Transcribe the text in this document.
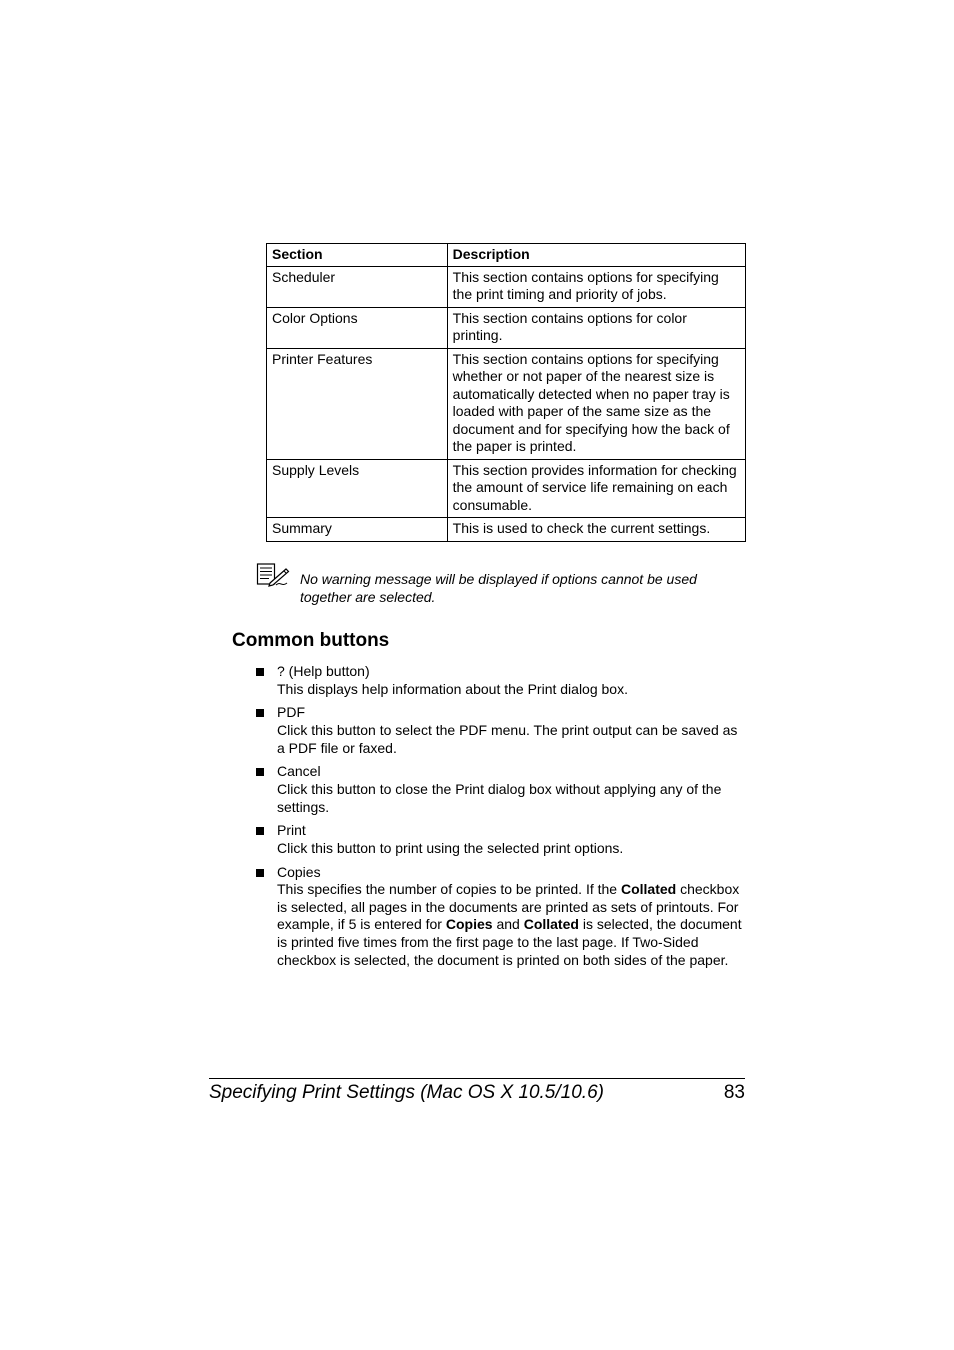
Section	Description
Scheduler	This section contains options for specifying the print timing and priority of jobs.
Color Options	This section contains options for color printing.
Printer Features	This section contains options for specifying whether or not paper of the nearest size is automatically detected when no paper tray is loaded with paper of the same size as the document and for specifying how the back of the paper is printed.
Supply Levels	This section provides information for checking the amount of service life remaining on each consumable.
Summary	This is used to check the current settings.

No warning message will be displayed if options cannot be used together are selected.

Common buttons
? (Help button)
This displays help information about the Print dialog box.
PDF
Click this button to select the PDF menu. The print output can be saved as a PDF file or faxed.
Cancel
Click this button to close the Print dialog box without applying any of the settings.
Print
Click this button to print using the selected print options.
Copies
This specifies the number of copies to be printed. If the Collated checkbox is selected, all pages in the documents are printed as sets of printouts. For example, if 5 is entered for Copies and Collated is selected, the document is printed five times from the first page to the last page. If Two-Sided checkbox is selected, the document is printed on both sides of the paper.
Specifying Print Settings (Mac OS X 10.5/10.6)	83
